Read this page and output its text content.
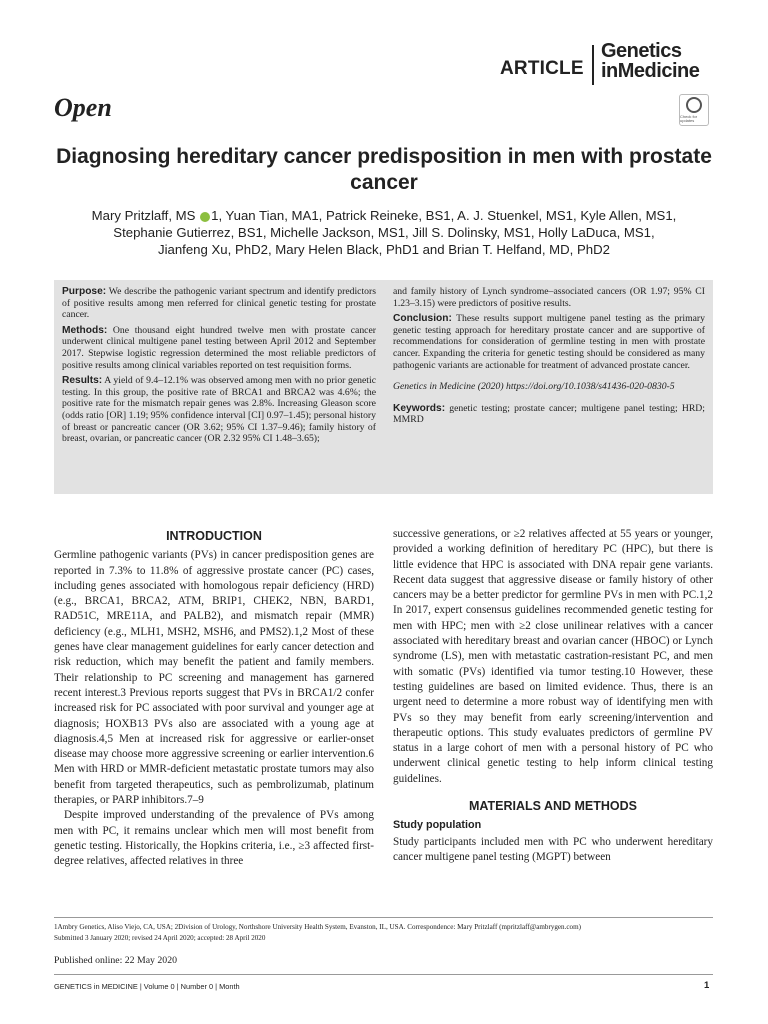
ARTICLE
Genetics
inMedicine
Open	Check for updates
Diagnosing hereditary cancer predisposition in men with prostate cancer
Mary Pritzlaff, MS 1, Yuan Tian, MA1, Patrick Reineke, BS1, A. J. Stuenkel, MS1, Kyle Allen, MS1,
Stephanie Gutierrez, BS1, Michelle Jackson, MS1, Jill S. Dolinsky, MS1, Holly LaDuca, MS1,
Jianfeng Xu, PhD2, Mary Helen Black, PhD1 and Brian T. Helfand, MD, PhD2

Purpose: We describe the pathogenic variant spectrum and identify predictors of positive results among men referred for clinical genetic testing for prostate cancer.

Methods: One thousand eight hundred twelve men with prostate cancer underwent clinical multigene panel testing between April 2012 and September 2017. Stepwise logistic regression determined the most reliable predictors of positive results among clinical variables reported on test requisition forms.

Results: A yield of 9.4–12.1% was observed among men with no prior genetic testing. In this group, the positive rate of BRCA1 and BRCA2 was 4.6%; the positive rate for the mismatch repair genes was 2.8%. Increasing Gleason score (odds ratio [OR] 1.19; 95% confidence interval [CI] 0.97–1.45); personal history of breast or pancreatic cancer (OR 3.62; 95% CI 1.37–9.46); family history of breast, ovarian, or pancreatic cancer (OR 2.32 95% CI 1.48–3.65);

and family history of Lynch syndrome–associated cancers (OR 1.97; 95% CI 1.23–3.15) were predictors of positive results.

Conclusion: These results support multigene panel testing as the primary genetic testing approach for hereditary prostate cancer and are supportive of recommendations for consideration of germline testing in men with prostate cancer. Expanding the criteria for genetic testing should be considered as many pathogenic variants are actionable for treatment of advanced prostate cancer.

Genetics in Medicine (2020) https://doi.org/10.1038/s41436-020-0830-5

Keywords: genetic testing; prostate cancer; multigene panel testing; HRD; MMRD

INTRODUCTION

Germline pathogenic variants (PVs) in cancer predisposition genes are reported in 7.3% to 11.8% of aggressive prostate cancer (PC) cases, including genes associated with homologous repair deficiency (HRD) (e.g., BRCA1, BRCA2, ATM, BRIP1, CHEK2, NBN, BARD1, RAD51C, MRE11A, and PALB2), and mismatch repair (MMR) deficiency (e.g., MLH1, MSH2, MSH6, and PMS2).1,2 Most of these genes have clear management guidelines for early cancer detection and risk reduction, which may benefit the patient and family members. Their relationship to PC screening and management has garnered recent interest.3 Previous reports suggest that PVs in BRCA1/2 confer increased risk for PC associated with poor survival and younger age at diagnosis; HOXB13 PVs also are associated with a young age at diagnosis.4,5 Men at increased risk for aggressive or earlier-onset disease may choose more aggressive screening or earlier intervention.6 Men with HRD or MMR-deficient metastatic prostate tumors may also benefit from targeted therapeutics, such as pembrolizumab, platinum therapies, or PARP inhibitors.7–9

Despite improved understanding of the prevalence of PVs among men with PC, it remains unclear which men will most benefit from genetic testing. Historically, the Hopkins criteria, i.e., ≥3 affected first-degree relatives, affected relatives in three

successive generations, or ≥2 relatives affected at 55 years or younger, provided a working definition of hereditary PC (HPC), but there is little evidence that HPC is associated with DNA repair gene variants. Recent data suggest that aggressive disease or family history of other cancers may be a better predictor for germline PVs in men with PC.1,2 In 2017, expert consensus guidelines recommended genetic testing for men with HPC; men with ≥2 close unilinear relatives with a cancer associated with hereditary breast and ovarian cancer (HBOC) or Lynch syndrome (LS), men with metastatic castration-resistant PC, and men with somatic (PVs) identified via tumor testing.10 However, these testing guidelines are based on limited evidence. Thus, there is an urgent need to determine a more robust way of identifying men with PVs so they may benefit from early screening/intervention and therapeutic options. This study evaluates predictors of germline PV status in a large cohort of men with a personal history of PC who underwent clinical genetic testing to help inform clinical testing guidelines.

MATERIALS AND METHODS
Study population

Study participants included men with PC who underwent hereditary cancer multigene panel testing (MGPT) between

1Ambry Genetics, Aliso Viejo, CA, USA; 2Division of Urology, Northshore University Health System, Evanston, IL, USA. Correspondence: Mary Pritzlaff (mpritzlaff@ambrygen.com)
Submitted 3 January 2020; revised 24 April 2020; accepted: 28 April 2020
Published online: 22 May 2020
GENETICS in MEDICINE | Volume 0 | Number 0 | Month	1
